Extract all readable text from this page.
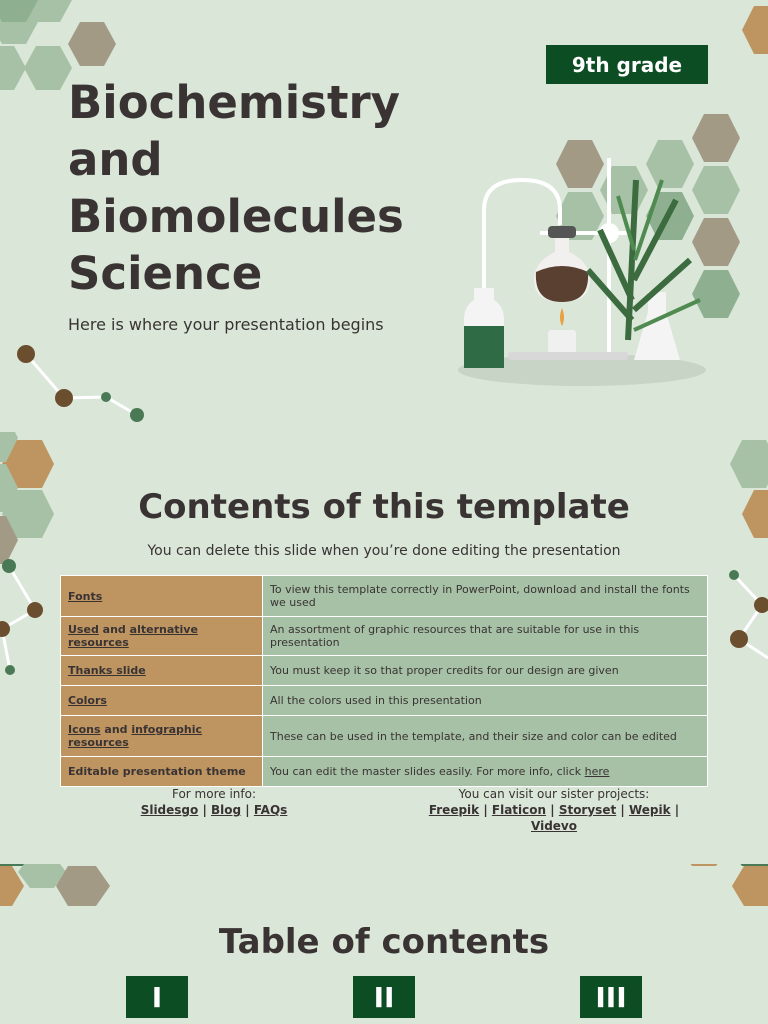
9th grade
Biochemistry and Biomolecules Science

Here is where your presentation begins

Contents of this template

You can delete this slide when you’re done editing the presentation

Fonts	To view this template correctly in PowerPoint, download and install the fonts we used
Used and alternative resources	An assortment of graphic resources that are suitable for use in this presentation
Thanks slide	You must keep it so that proper credits for our design are given
Colors	All the colors used in this presentation
Icons and infographic resources	These can be used in the template, and their size and color can be edited
Editable presentation theme	You can edit the master slides easily. For more info, click here
For more info:
Slidesgo | Blog | FAQs
You can visit our sister projects:
Freepik | Flaticon | Storyset | Wepik | Videvo
Table of contents
I	II	III
